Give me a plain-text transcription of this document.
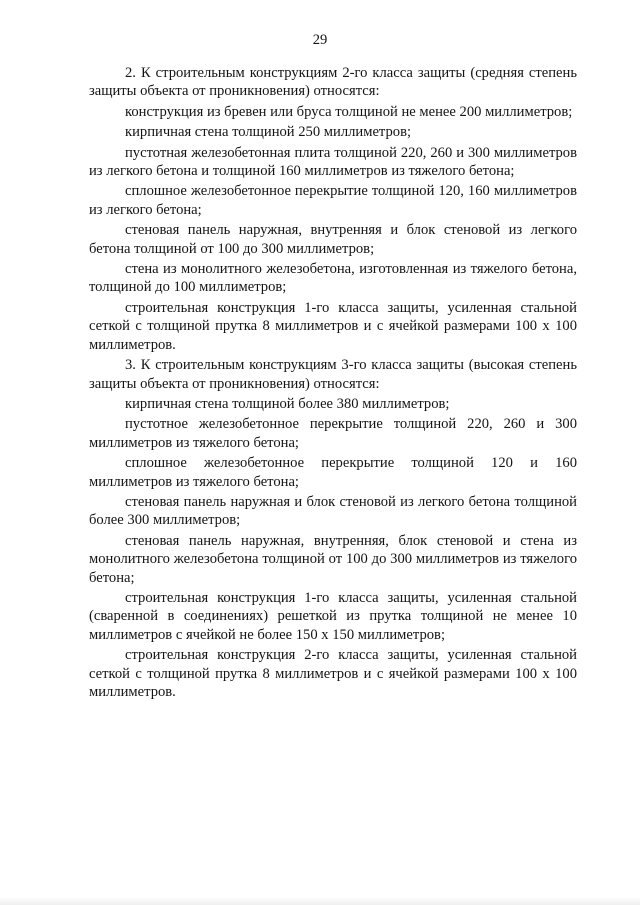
29

2. К строительным конструкциям 2-го класса защиты (средняя степень защиты объекта от проникновения) относятся:

конструкция из бревен или бруса толщиной не менее 200 миллиметров;

кирпичная стена толщиной 250 миллиметров;

пустотная железобетонная плита толщиной 220, 260 и 300 миллиметров из легкого бетона и толщиной 160 миллиметров из тяжелого бетона;

сплошное железобетонное перекрытие толщиной 120, 160 миллиметров из легкого бетона;

стеновая панель наружная, внутренняя и блок стеновой из легкого бетона толщиной от 100 до 300 миллиметров;

стена из монолитного железобетона, изготовленная из тяжелого бетона, толщиной до 100 миллиметров;

строительная конструкция 1-го класса защиты, усиленная стальной сеткой с толщиной прутка 8 миллиметров и с ячейкой размерами 100 х 100 миллиметров.

3. К строительным конструкциям 3-го класса защиты (высокая степень защиты объекта от проникновения) относятся:

кирпичная стена толщиной более 380 миллиметров;

пустотное железобетонное перекрытие толщиной 220, 260 и 300 миллиметров из тяжелого бетона;

сплошное железобетонное перекрытие толщиной 120 и 160 миллиметров из тяжелого бетона;

стеновая панель наружная и блок стеновой из легкого бетона толщиной более 300 миллиметров;

стеновая панель наружная, внутренняя, блок стеновой и стена из монолитного железобетона толщиной от 100 до 300 миллиметров из тяжелого бетона;

строительная конструкция 1-го класса защиты, усиленная стальной (сваренной в соединениях) решеткой из прутка толщиной не менее 10 миллиметров с ячейкой не более 150 х 150 миллиметров;

строительная конструкция 2-го класса защиты, усиленная стальной сеткой с толщиной прутка 8 миллиметров и с ячейкой размерами 100 х 100 миллиметров.
